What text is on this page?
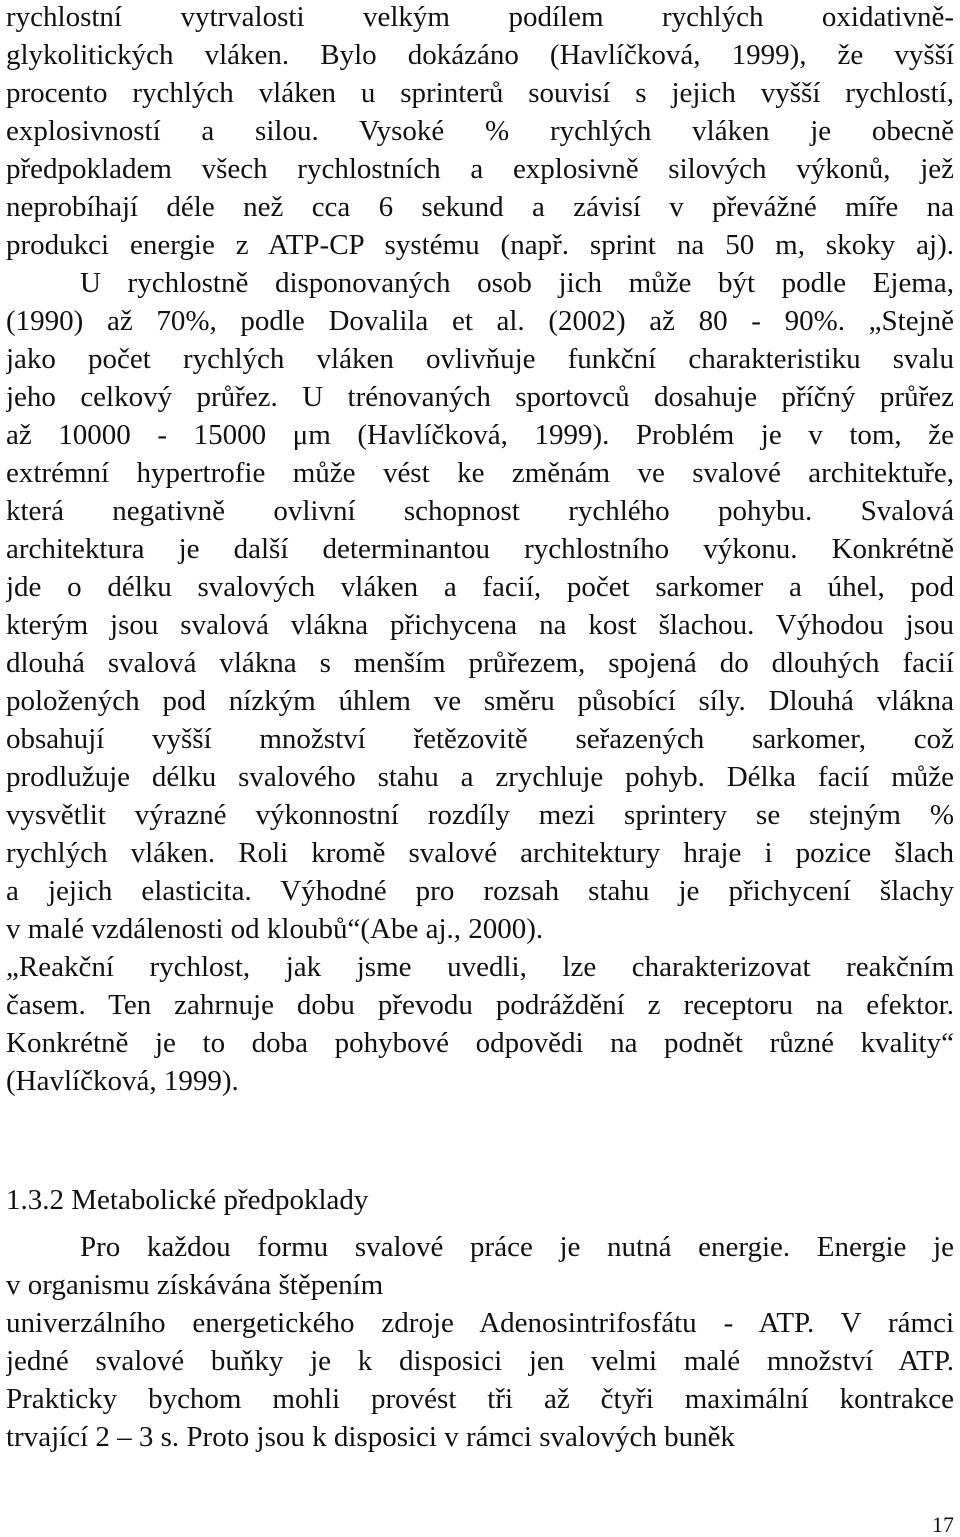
rychlostní vytrvalosti velkým podílem rychlých oxidativně-
glykolitických vláken. Bylo dokázáno (Havlíčková, 1999), že vyšší
procento rychlých vláken u sprinterů souvisí s jejich vyšší rychlostí,
explosivností a silou. Vysoké % rychlých vláken je obecně
předpokladem všech rychlostních a explosivně silových výkonů, jež
neprobíhají déle než cca 6 sekund a závisí v převážné míře na
produkci energie z ATP-CP systému (např. sprint na 50 m, skoky aj).
U rychlostně disponovaných osob jich může být podle Ejema,
(1990) až 70%, podle Dovalila et al. (2002) až 80 - 90%. „Stejně
jako počet rychlých vláken ovlivňuje funkční charakteristiku svalu
jeho celkový průřez. U trénovaných sportovců dosahuje příčný průřez
až 10000 - 15000 μm (Havlíčková, 1999). Problém je v tom, že
extrémní hypertrofie může vést ke změnám ve svalové architektuře,
která negativně ovlivní schopnost rychlého pohybu. Svalová
architektura je další determinantou rychlostního výkonu. Konkrétně
jde o délku svalových vláken a facií, počet sarkomer a úhel, pod
kterým jsou svalová vlákna přichycena na kost šlachou. Výhodou jsou
dlouhá svalová vlákna s menším průřezem, spojená do dlouhých facií
položených pod nízkým úhlem ve směru působící síly. Dlouhá vlákna
obsahují vyšší množství řetězovitě seřazených sarkomer, což
prodlužuje délku svalového stahu a zrychluje pohyb. Délka facií může
vysvětlit výrazné výkonnostní rozdíly mezi sprintery se stejným %
rychlých vláken. Roli kromě svalové architektury hraje i pozice šlach
a jejich elasticita. Výhodné pro rozsah stahu je přichycení šlachy
v malé vzdálenosti od kloubů“(Abe aj., 2000).
„Reakční rychlost, jak jsme uvedli, lze charakterizovat reakčním
časem. Ten zahrnuje dobu převodu podráždění z receptoru na efektor.
Konkrétně je to doba pohybové odpovědi na podnět různé kvality“
(Havlíčková, 1999).
1.3.2 Metabolické předpoklady
Pro každou formu svalové práce je nutná energie. Energie je
v organismu získávána štěpením
univerzálního energetického zdroje Adenosintrifosfátu - ATP. V rámci
jedné svalové buňky je k disposici jen velmi malé množství ATP.
Prakticky bychom mohli provést tři až čtyři maximální kontrakce
trvající 2 – 3 s. Proto jsou k disposici v rámci svalových buněk
17
